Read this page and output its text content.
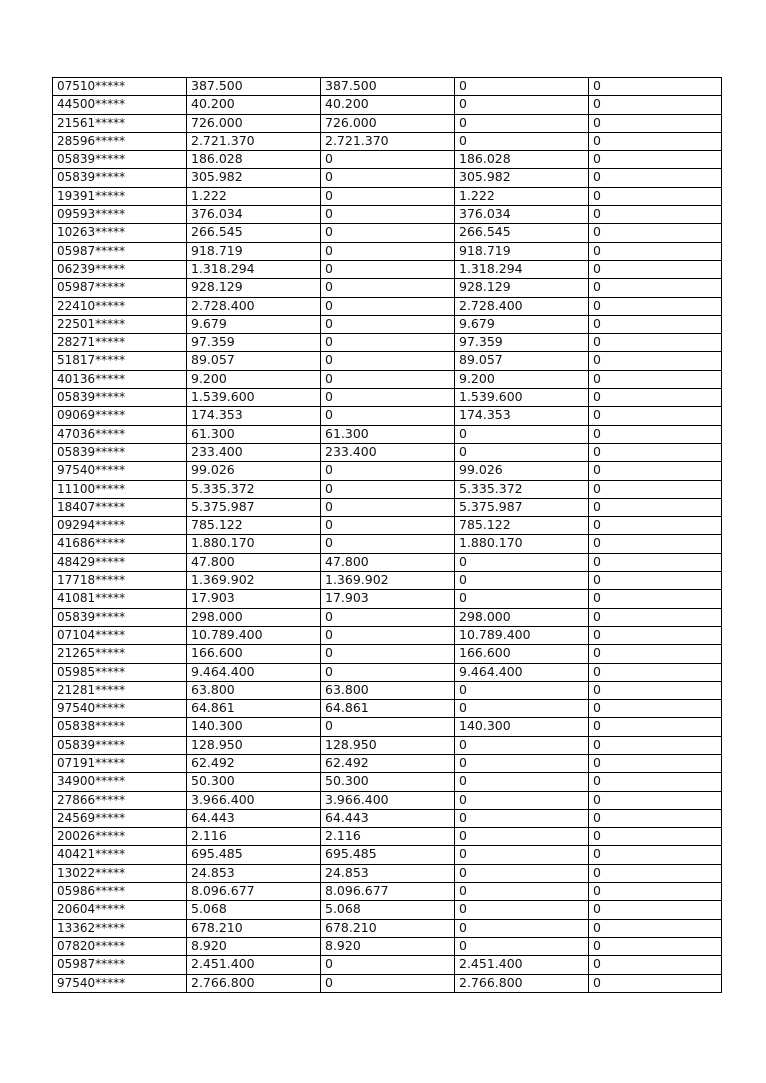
07510*****	387.500	387.500	0	0
44500*****	40.200	40.200	0	0
21561*****	726.000	726.000	0	0
28596*****	2.721.370	2.721.370	0	0
05839*****	186.028	0	186.028	0
05839*****	305.982	0	305.982	0
19391*****	1.222	0	1.222	0
09593*****	376.034	0	376.034	0
10263*****	266.545	0	266.545	0
05987*****	918.719	0	918.719	0
06239*****	1.318.294	0	1.318.294	0
05987*****	928.129	0	928.129	0
22410*****	2.728.400	0	2.728.400	0
22501*****	9.679	0	9.679	0
28271*****	97.359	0	97.359	0
51817*****	89.057	0	89.057	0
40136*****	9.200	0	9.200	0
05839*****	1.539.600	0	1.539.600	0
09069*****	174.353	0	174.353	0
47036*****	61.300	61.300	0	0
05839*****	233.400	233.400	0	0
97540*****	99.026	0	99.026	0
11100*****	5.335.372	0	5.335.372	0
18407*****	5.375.987	0	5.375.987	0
09294*****	785.122	0	785.122	0
41686*****	1.880.170	0	1.880.170	0
48429*****	47.800	47.800	0	0
17718*****	1.369.902	1.369.902	0	0
41081*****	17.903	17.903	0	0
05839*****	298.000	0	298.000	0
07104*****	10.789.400	0	10.789.400	0
21265*****	166.600	0	166.600	0
05985*****	9.464.400	0	9.464.400	0
21281*****	63.800	63.800	0	0
97540*****	64.861	64.861	0	0
05838*****	140.300	0	140.300	0
05839*****	128.950	128.950	0	0
07191*****	62.492	62.492	0	0
34900*****	50.300	50.300	0	0
27866*****	3.966.400	3.966.400	0	0
24569*****	64.443	64.443	0	0
20026*****	2.116	2.116	0	0
40421*****	695.485	695.485	0	0
13022*****	24.853	24.853	0	0
05986*****	8.096.677	8.096.677	0	0
20604*****	5.068	5.068	0	0
13362*****	678.210	678.210	0	0
07820*****	8.920	8.920	0	0
05987*****	2.451.400	0	2.451.400	0
97540*****	2.766.800	0	2.766.800	0
